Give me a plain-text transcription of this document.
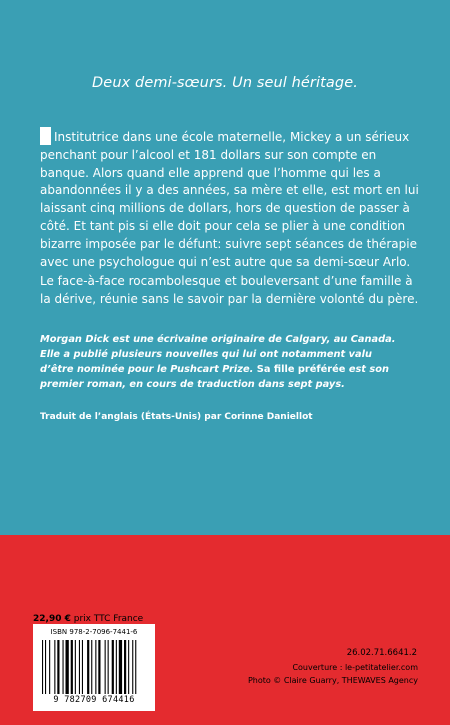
Deux demi-sœurs. Un seul héritage.

Institutrice dans une école maternelle, Mickey a un sérieux penchant pour l’alcool et 181 dollars sur son compte en banque. Alors quand elle apprend que l’homme qui les a abandonnées il y a des années, sa mère et elle, est mort en lui laissant cinq millions de dollars, hors de question de passer à côté. Et tant pis si elle doit pour cela se plier à une condition bizarre imposée par le défunt: suivre sept séances de thérapie avec une psychologue qui n’est autre que sa demi-sœur Arlo.

Le face-à-face rocambolesque et bouleversant d’une famille à la dérive, réunie sans le savoir par la dernière volonté du père.

Morgan Dick est une écrivaine originaire de Calgary, au Canada. Elle a publié plusieurs nouvelles qui lui ont notamment valu d’être nominée pour le Pushcart Prize. Sa fille préférée est son premier roman, en cours de traduction dans sept pays.

Traduit de l’anglais (États-Unis) par Corinne Daniellot

22,90 € prix TTC France

ISBN 978-2-7096-7441-6
9 782709 674416

26.02.71.6641.2

Couverture : le-petitatelier.com
Photo © Claire Guarry, THEWAVES Agency
